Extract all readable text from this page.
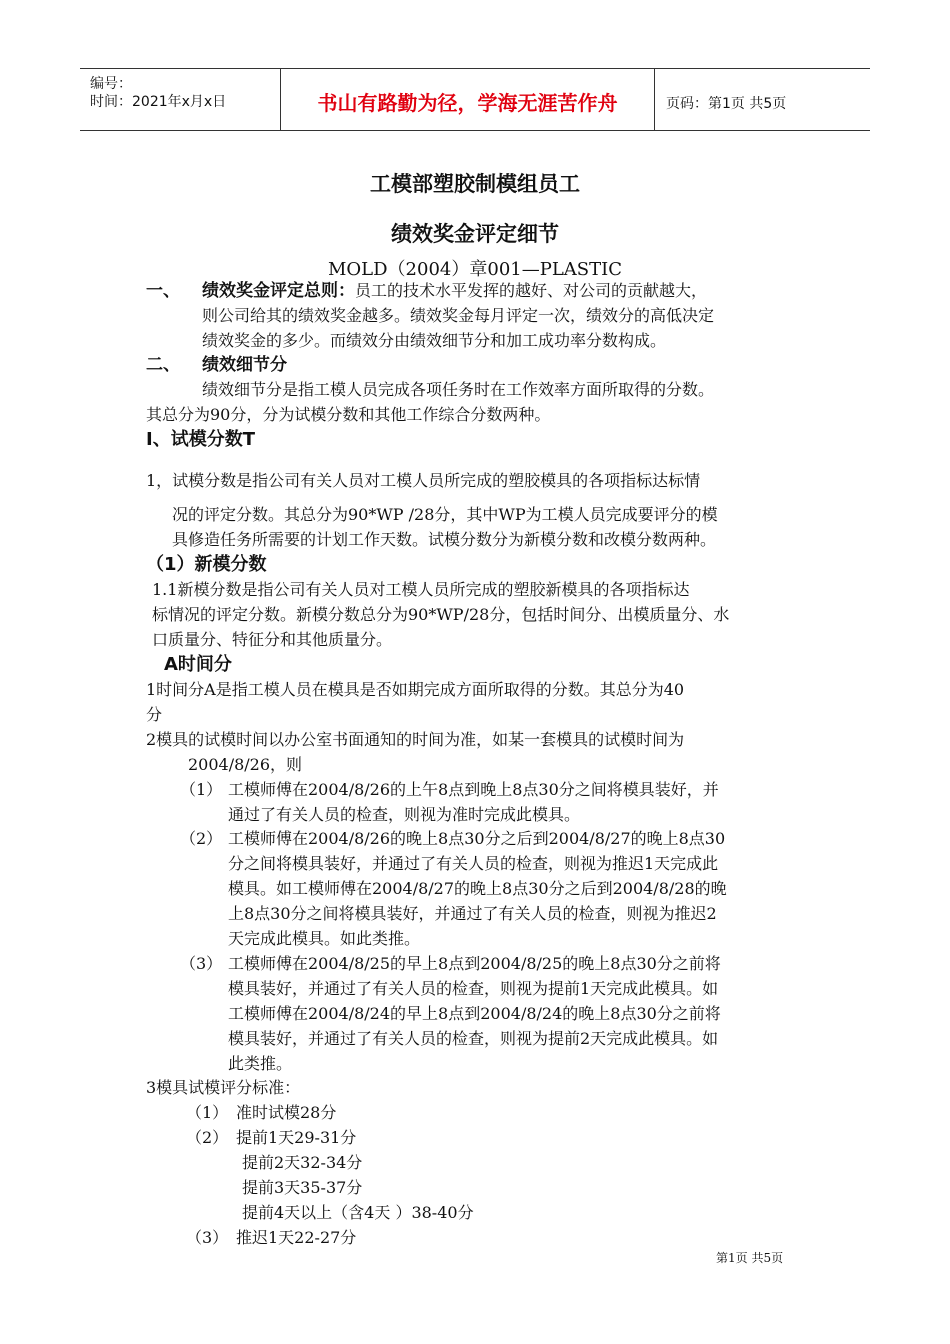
编号：
时间：2021年x月x日	书山有路勤为径，学海无涯苦作舟	页码：第1页 共5页
工模部塑胶制模组员工
绩效奖金评定细节
MOLD（2004）章001—PLASTIC
一、 绩效奖金评定总则：员工的技术水平发挥的越好、对公司的贡献越大，
则公司给其的绩效奖金越多。绩效奖金每月评定一次，绩效分的高低决定
绩效奖金的多少。而绩效分由绩效细节分和加工成功率分数构成。
二、 绩效细节分
绩效细节分是指工模人员完成各项任务时在工作效率方面所取得的分数。
其总分为90分，分为试模分数和其他工作综合分数两种。
I、试模分数T
1，试模分数是指公司有关人员对工模人员所完成的塑胶模具的各项指标达标情
况的评定分数。其总分为90*WP /28分，其中WP为工模人员完成要评分的模
具修造任务所需要的计划工作天数。试模分数分为新模分数和改模分数两种。
（1）新模分数
1.1新模分数是指公司有关人员对工模人员所完成的塑胶新模具的各项指标达
标情况的评定分数。新模分数总分为90*WP/28分，包括时间分、出模质量分、水
口质量分、特征分和其他质量分。
A时间分
1时间分A是指工模人员在模具是否如期完成方面所取得的分数。其总分为40
分
2模具的试模时间以办公室书面通知的时间为准，如某一套模具的试模时间为
2004/8/26，则
（1） 工模师傅在2004/8/26的上午8点到晚上8点30分之间将模具装好，并
通过了有关人员的检查，则视为准时完成此模具。
（2） 工模师傅在2004/8/26的晚上8点30分之后到2004/8/27的晚上8点30
分之间将模具装好，并通过了有关人员的检查，则视为推迟1天完成此
模具。如工模师傅在2004/8/27的晚上8点30分之后到2004/8/28的晚
上8点30分之间将模具装好，并通过了有关人员的检查，则视为推迟2
天完成此模具。如此类推。
（3） 工模师傅在2004/8/25的早上8点到2004/8/25的晚上8点30分之前将
模具装好，并通过了有关人员的检查，则视为提前1天完成此模具。如
工模师傅在2004/8/24的早上8点到2004/8/24的晚上8点30分之前将
模具装好，并通过了有关人员的检查，则视为提前2天完成此模具。如
此类推。
3模具试模评分标准：
（1） 准时试模28分
（2） 提前1天29-31分
提前2天32-34分
提前3天35-37分
提前4天以上（含4天 ）38-40分
（3） 推迟1天22-27分
第1页 共5页
